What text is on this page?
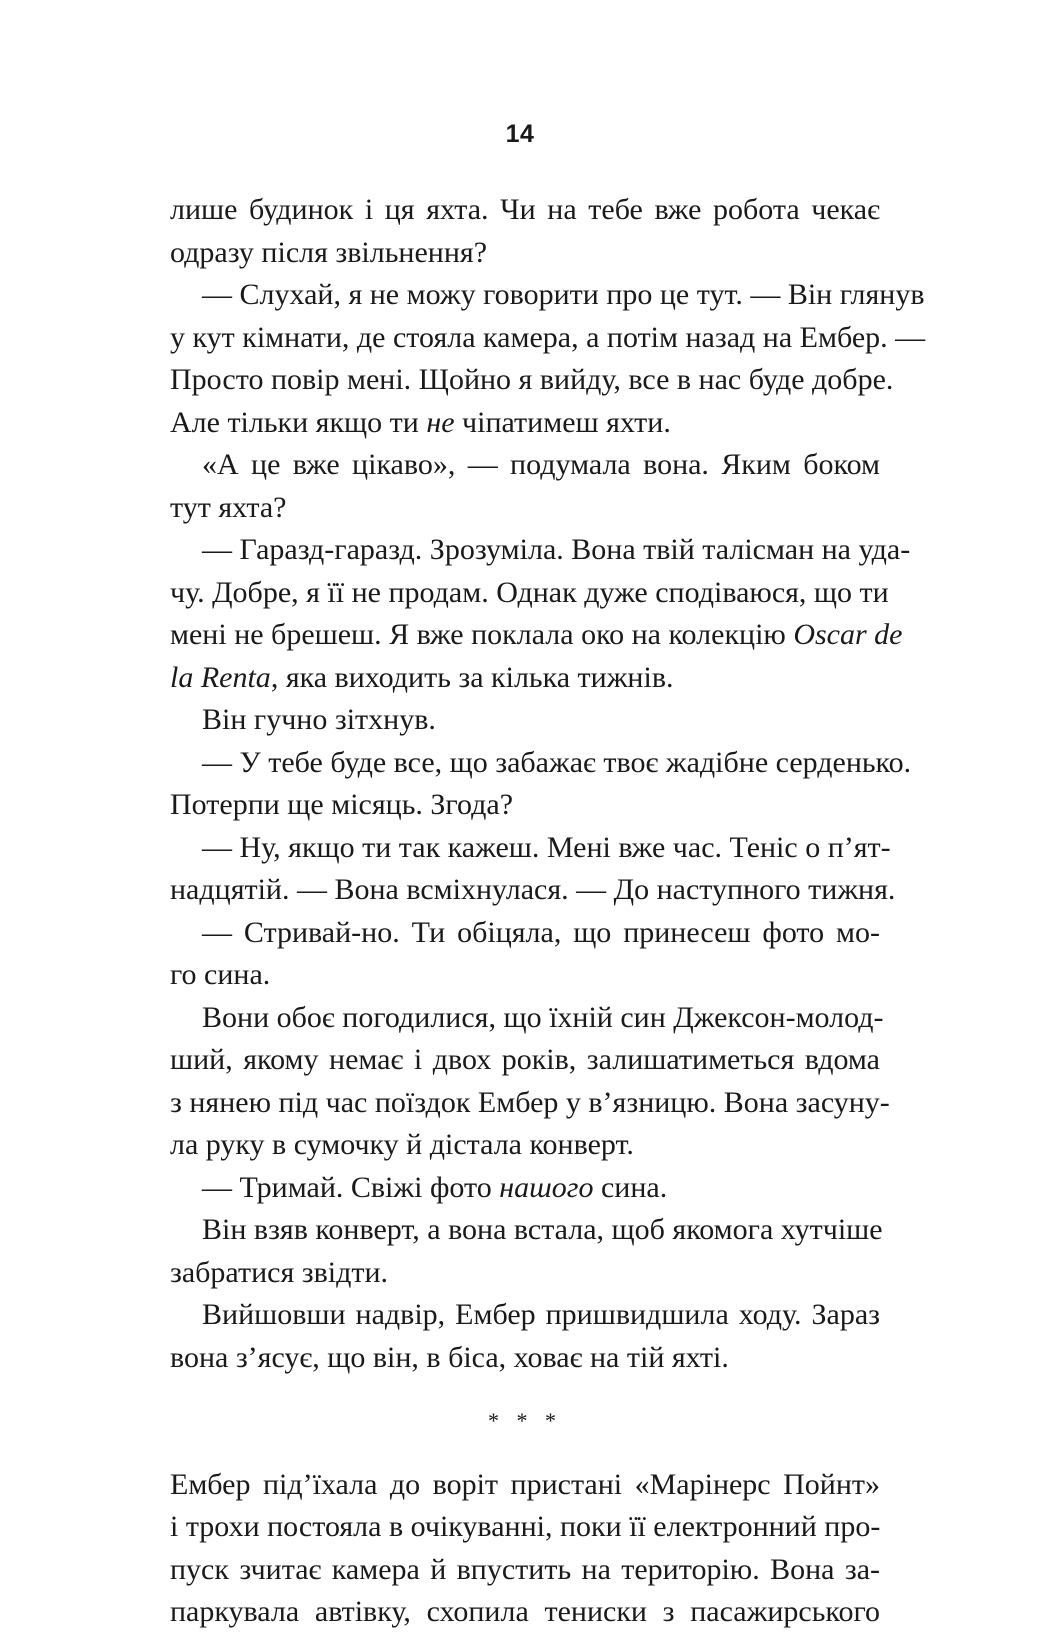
14
лише будинок і ця яхта. Чи на тебе вже робота чекає
одразу після звільнення?
— Слухай, я не можу говорити про це тут. — Він глянув
у кут кімнати, де стояла камера, а потім назад на Ембер. —
Просто повір мені. Щойно я вийду, все в нас буде добре.
Але тільки якщо ти не чіпатимеш яхти.
«А це вже цікаво», — подумала вона. Яким боком
тут яхта?
— Гаразд-гаразд. Зрозуміла. Вона твій талісман на уда-
чу. Добре, я її не продам. Однак дуже сподіваюся, що ти
мені не брешеш. Я вже поклала око на колекцію Oscar de
la Renta, яка виходить за кілька тижнів.
Він гучно зітхнув.
— У тебе буде все, що забажає твоє жадібне серденько.
Потерпи ще місяць. Згода?
— Ну, якщо ти так кажеш. Мені вже час. Теніс о п’ят-
надцятій. — Вона всміхнулася. — До наступного тижня.
— Стривай-но. Ти обіцяла, що принесеш фото мо-
го сина.
Вони обоє погодилися, що їхній син Джексон-молод-
ший, якому немає і двох років, залишатиметься вдома
з нянею під час поїздок Ембер у в’язницю. Вона засуну-
ла руку в сумочку й дістала конверт.
— Тримай. Свіжі фото нашого сина.
Він взяв конверт, а вона встала, щоб якомога хутчіше
забратися звідти.
Вийшовши надвір, Ембер пришвидшила ходу. Зараз
вона з’ясує, що він, в біса, ховає на тій яхті.
* * *
Ембер під’їхала до воріт пристані «Марінерс Пойнт»
і трохи постояла в очікуванні, поки її електронний про-
пуск зчитає камера й впустить на територію. Вона за-
паркувала автівку, схопила тениски з пасажирського
